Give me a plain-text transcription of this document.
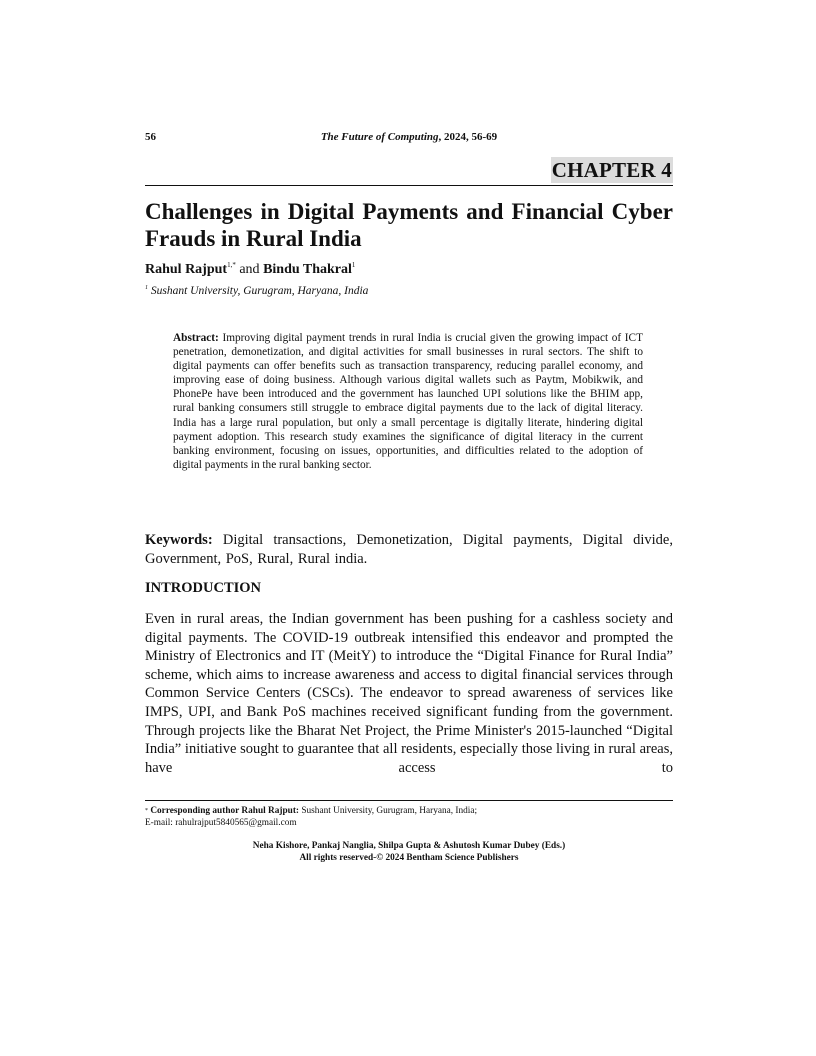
56	The Future of Computing, 2024, 56-69
CHAPTER 4
Challenges in Digital Payments and Financial Cyber Frauds in Rural India
Rahul Rajput$^{1,*}$ and Bindu Thakral$^1$
$^1$ Sushant University, Gurugram, Haryana, India

Abstract: Improving digital payment trends in rural India is crucial given the growing impact of ICT penetration, demonetization, and digital activities for small businesses in rural sectors. The shift to digital payments can offer benefits such as transaction transparency, reducing parallel economy, and improving ease of doing business. Although various digital wallets such as Paytm, Mobikwik, and PhonePe have been introduced and the government has launched UPI solutions like the BHIM app, rural banking consumers still struggle to embrace digital payments due to the lack of digital literacy. India has a large rural population, but only a small percentage is digitally literate, hindering digital payment adoption. This research study examines the significance of digital literacy in the current banking environment, focusing on issues, opportunities, and difficulties related to the adoption of digital payments in the rural banking sector.

Keywords: Digital transactions, Demonetization, Digital payments, Digital divide, Government, PoS, Rural, Rural india.

INTRODUCTION

Even in rural areas, the Indian government has been pushing for a cashless society and digital payments. The COVID-19 outbreak intensified this endeavor and prompted the Ministry of Electronics and IT (MeitY) to introduce the “Digital Finance for Rural India” scheme, which aims to increase awareness and access to digital financial services through Common Service Centers (CSCs). The endeavor to spread awareness of services like IMPS, UPI, and Bank PoS machines received significant funding from the government. Through projects like the Bharat Net Project, the Prime Minister's 2015-launched “Digital India” initiative sought to guarantee that all residents, especially those living in rural areas, have access to

* Corresponding author Rahul Rajput: Sushant University, Gurugram, Haryana, India;
E-mail: rahulrajput5840565@gmail.com
Neha Kishore, Pankaj Nanglia, Shilpa Gupta & Ashutosh Kumar Dubey (Eds.)
All rights reserved-© 2024 Bentham Science Publishers
